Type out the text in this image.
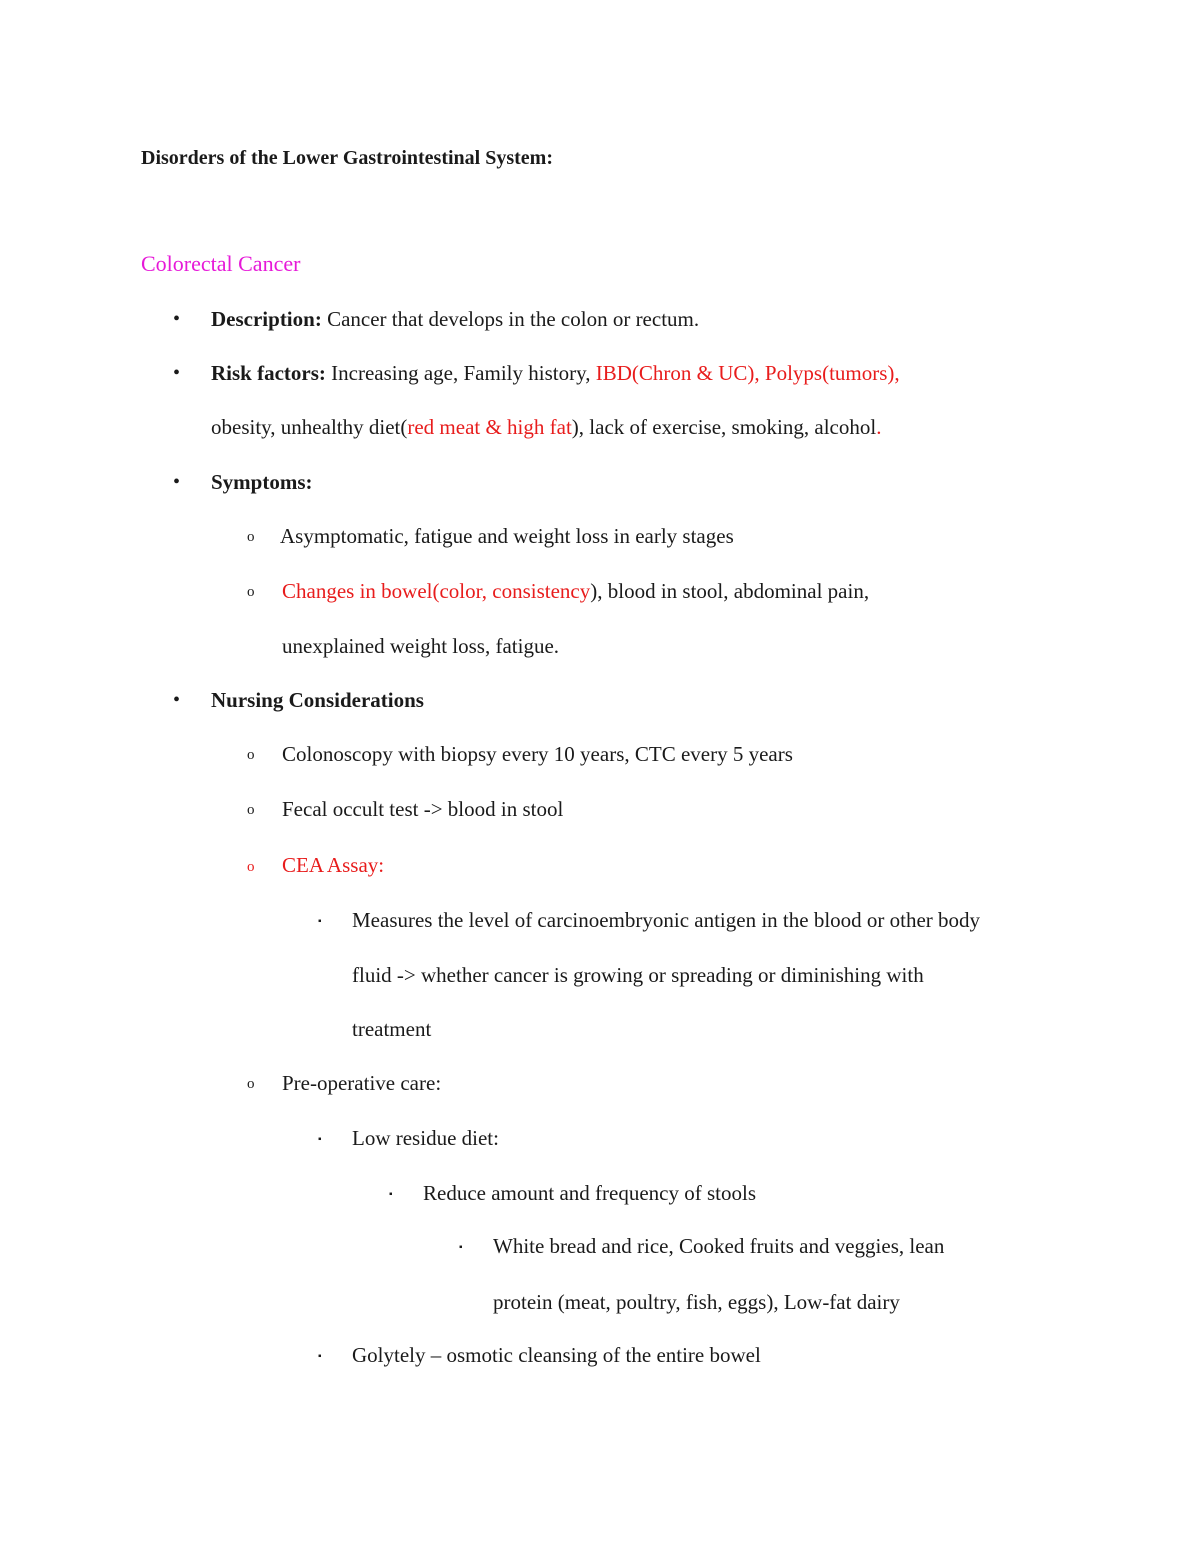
Disorders of the Lower Gastrointestinal System:
Colorectal Cancer
• Description: Cancer that develops in the colon or rectum.
• Risk factors: Increasing age, Family history, IBD(Chron & UC), Polyps(tumors),
obesity, unhealthy diet(red meat & high fat), lack of exercise, smoking, alcohol.
• Symptoms:
o Asymptomatic, fatigue and weight loss in early stages
o Changes in bowel(color, consistency), blood in stool, abdominal pain,
unexplained weight loss, fatigue.
• Nursing Considerations
o Colonoscopy with biopsy every 10 years, CTC every 5 years
o Fecal occult test -> blood in stool
o CEA Assay:
▪ Measures the level of carcinoembryonic antigen in the blood or other body
fluid -> whether cancer is growing or spreading or diminishing with
treatment
o Pre-operative care:
▪ Low residue diet:
▪ Reduce amount and frequency of stools
▪ White bread and rice, Cooked fruits and veggies, lean
protein (meat, poultry, fish, eggs), Low-fat dairy
▪ Golytely – osmotic cleansing of the entire bowel
